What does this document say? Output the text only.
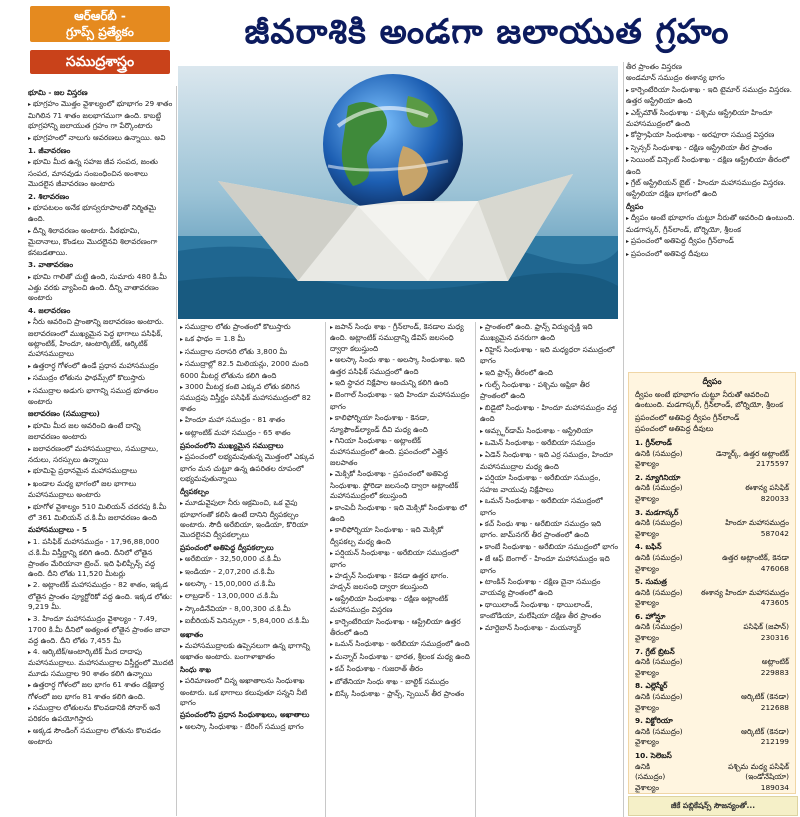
ఆర్‌ఆర్‌బీ -
గ్రూప్స్ ప్రత్యేకం
సముద్రశాస్త్రం
జీవరాశికి అండగా జలాయుత గ్రహం

భూమి - జల విస్తరణ

▸ భూగ్రహం మొత్తం వైశాల్యంలో భూభాగం 29 శాతం మిగిలిన 71 శాతం జలభాగముగా ఉంది. కాబట్టి భూగ్రహాన్ని జలాయుత గ్రహం గా పేర్కొంటారు

▸ భూగ్రహంలో నాలుగు ఆవరణలు ఉన్నాయి. అవి

1. జీవావరణం

▸ భూమి మీద ఉన్న సహజ జీవ సంపద, జంతు సంపద, మానవుడు సంబంధించిన అంశాలు మొదలైన జీవావరణం అంటారు

2. శిలావరణం

▸ భూపటలం అనేక భూస్వరూపాలతో నిర్మితమై ఉంది.

▸ దీన్ని శిలావరణం అంటారు. పీఠభూమి, మైదానాలు, కొండలు మొదలైనవి శిలావరణంగా కనబడతాయి.

3. వాతావరణం

▸ భూమి గాలితో చుట్టి ఉంది, సుమారు 480 కి.మీ ఎత్తు వరకు వ్యాపించి ఉంది. దీన్ని వాతావరణం అంటారు

4. జలావరణం

▸ నీరు ఆవరించి ప్రాంతాన్ని జలావరణం అంటారు. జలావరణంలో ముఖ్యమైన పెద్ద భాగాలు పసిఫిక్, అట్లాంటిక్, హిందూ, ఆంటార్కిటిక్, ఆర్కిటిక్ మహాసముద్రాలు

▸ ఉత్తరార్ధ గోళంలో ఉండే ప్రధాన మహాసముద్రం

▸ సముద్రం లోతును ఫాథమ్స్‌లో కొలుస్తారు

▸ సముద్రాల అడుగు భాగాన్ని సముద్ర భూతలం అంటారు

జలావరణం (సముద్రాలు)

▸ భూమి మీద జల ఆవరించి ఉంటే దాన్ని జలావరణం అంటారు

▸ జలావరణంలో మహాసముద్రాలు, సముద్రాలు, నదులు, సరస్సులు ఉన్నాయి

▸ భూమిపై ప్రధానమైన మహాసముద్రాలు

▸ ఖండాల మధ్య భాగంలో జల భాగాలు మహాసముద్రాలు అంటారు

▸ భూగోళ వైశాల్యం 510 మిలియన్ చదరపు కి.మీ లో 361 మిలియన్ చ.కి.మీ జలావరణం ఉంది

మహాసముద్రాలు - 5

▸ 1. పసిఫిక్ మహాసముద్రం - 17,96,88,000 చ.కి.మీ విస్తీర్ణాన్ని కలిగి ఉంది. దీనిలో లోతైన ప్రాంతం మేరియానా ట్రెంచ్. ఇది ఫిలిప్పీన్స్ వద్ద ఉంది. దీని లోతు 11,520 మీటర్లు

▸ 2. అట్లాంటిక్ మహాసముద్రం - 82 శాతం, ఇక్కడ లోతైన ప్రాంతం ప్యూర్టోరికో వద్ద ఉంది. ఇక్కడ లోతు: 9,219 మీ.

▸ 3. హిందూ మహాసముద్రం వైశాల్యం - 7.49, 1700 కి.మీ దీనిలో అత్యంత లోతైన ప్రాంతం జావా వద్ద ఉంది. దీని లోతు 7,455 మీ

▸ 4. ఆర్కిటిక్/అంటార్కిటిక్ మీద దాదాపు మహాసముద్రాలు. మహాసముద్రాల విస్తీర్ణంలో మొదటి మూడు సముద్రాల 90 శాతం కలిగి ఉన్నాయి

▸ ఉత్తరార్ధ గోళంలో జల భాగం 61 శాతం దక్షిణార్ధ గోళంలో జల భాగం 81 శాతం కలిగి ఉంది.

▸ సముద్రాల లోతులను కొలవడానికి సోనార్ అనే పరికరం ఉపయోగిస్తారు

▸ అక్కడ సౌండింగ్ సముద్రాల లోతును కొలవడం అంటారు

▸ సముద్రాల లోతు ప్రాంతంలో కొలుస్తారు

▸ ఒక ఫాథం = 1.8 మీ

▸ సముద్రాల సరాసరి లోతు 3,800 మీ

▸ సముద్రాల్లో 82.5 మిలియన్లు, 2000 మంది 6000 మీటర్ల లోతును కలిగి ఉంది

▸ 3000 మీటర్ల కంటె ఎక్కువ లోతు కలిగిన సముద్రపు విస్తీర్ణం పసిఫిక్ మహాసముద్రంలో 82 శాతం

▸ హిందూ మహా సముద్రం - 81 శాతం

▸ అట్లాంటిక్ మహా సముద్రం - 65 శాతం

ప్రపంచంలోని ముఖ్యమైన సముద్రాలు

▸ ప్రపంచంలో లభ్యమవుతున్న మొత్తంలో ఎక్కువ భాగం మన చుట్టూ ఉన్న ఉపరితల రూపంలో లభ్యమవుతున్నాయి

ద్వీపకల్పం

▸ మూడువైపులా నీరు ఆక్రమించి, ఒక వైపు భూభాగంతో కలిసి ఉంటే దానిని ద్వీపకల్పం అంటారు. సౌదీ అరేబియా, ఇండియా, కొరియా మొదలైనవి ద్వీపకల్పాలు

ప్రపంచంలో అతిపెద్ద ద్వీపకల్పాలు

▸ అరేబియా - 32,50,000 చ.కి.మీ

▸ ఇండియా - 2,07,200 చ.కి.మీ

▸ అలస్కా - 15,00,000 చ.కి.మీ

▸ లాబ్రడార్ - 13,00,000 చ.కి.మీ

▸ స్కాండినేవియా - 8,00,300 చ.కి.మీ

▸ ఐబీరియన్ పెనిన్సులా - 5,84,000 చ.కి.మీ

అఖాతం

▸ మహాసముద్రాలకు ఉప్పెనలుగా ఉన్న భాగాన్ని అఖాతం అంటారు. బంగాళాఖాతం

సింధు శాఖ

▸ పరిమాణంలో చిన్న అఖాతాలను సింధుశాఖ అంటారు. ఒక భాగాలు కలుపుతూ సన్నని నీటి భాగం

ప్రపంచంలోని ప్రధాన సింధుశాఖలు, అఖాతాలు

▸ అలస్కా సింధుశాఖ - బేరింగ్ సముద్ర భాగం

▸ జపాన్ సింధు శాఖ - గ్రీన్‌లాండ్, కెనడాల మధ్య ఉంది. అట్లాంటిక్ సముద్రాన్ని డేవిస్ జలసంధి ద్వారా కలుస్తుంది

▸ అలస్కా సింధు శాఖ - అలస్కా సింధుశాఖ. ఇది ఉత్తర పసిఫిక్ సముద్రంలో ఉంది

▸ ఇది స్థావర నిక్షేపాల అంచున్ని కలిగి ఉంది

▸ బెంగాల్ సింధుశాఖ - ఇది హిందూ మహాసముద్రం భాగం

▸ కాలిఫోర్నియా సింధుశాఖ - కెనడా, న్యూఫౌండ్‌ల్యాండ్ దీవి మధ్య ఉంది

▸ గినియా సింధుశాఖ - అట్లాంటిక్ మహాసముద్రంలో ఉంది. ప్రపంచంలో ఎత్తైన జలపాతం

▸ మెక్సికో సింధుశాఖ - ప్రపంచంలో అతిపెద్ద సింధుశాఖ. ఫ్లోరిడా జలసంధి ద్వారా అట్లాంటిక్ మహాసముద్రంలో కలుస్తుంది

▸ కాంపెచీ సింధుశాఖ - ఇది మెక్సికో సింధుశాఖ లో ఉంది

▸ కాలిఫోర్నియా సింధుశాఖ - ఇది మెక్సికో ద్వీపకల్ప మధ్య ఉంది

▸ పర్షియన్ సింధుశాఖ - అరేబియా సముద్రంలో భాగం

▸ హడ్సన్ సింధుశాఖ - కెనడా ఉత్తర భాగం. హడ్సన్ జలసంధి ద్వారా కలుస్తుంది

▸ ఆస్ట్రేలియా సింధుశాఖ - దక్షిణ అట్లాంటిక్ మహాసముద్రం విస్తరణ

▸ కార్పెంటేరియా సింధుశాఖ - ఆస్ట్రేలియా ఉత్తర తీరంలో ఉంది

▸ ఒమన్ సింధుశాఖ - అరేబియా సముద్రంలో ఉంది

▸ మన్నార్ సింధుశాఖ - భారత, శ్రీలంక మధ్య ఉంది

▸ కచ్ సింధుశాఖ - గుజరాత్ తీరం

▸ బోతేనియా సింధు శాఖ - బాల్టిక్ సముద్రం

▸ బిస్కే సింధుశాఖ - ఫ్రాన్స్, స్పెయిన్ తీర ప్రాంతం

▸ ప్రాంతంలో ఉంది. ఫ్రాన్స్ విద్యుచ్ఛక్తి ఇది ముఖ్యమైన వనరుగా ఉంది

▸ రిహైస్ సింధుశాఖ - ఇది మధ్యధరా సముద్రంలో భాగం

▸ ఇది ఫ్రాన్స్ తీరంలో ఉంది

▸ గుల్ఫ్ సింధుశాఖ - పశ్చిమ ఆఫ్రికా తీర ప్రాంతంలో ఉంది

▸ బిడైటో సింధుశాఖ - హిందూ మహాసముద్రం వద్ద ఉంది

▸ ఆమ్స్టర్‌డామ్ సింధుశాఖ - ఆస్ట్రేలియా

▸ ఒమెన్ సింధుశాఖ - అరేబియా సముద్రం

▸ ఏడెన్ సింధుశాఖ - ఇది ఎర్ర సముద్రం, హిందూ మహాసముద్రాల మధ్య ఉంది

▸ పర్షియా సింధుశాఖ - అరేబియా సముద్రం, సహజ వాయువు నిక్షేపాలు

▸ ఒమన్ సింధుశాఖ - అరేబియా సముద్రంలో భాగం

▸ కచ్ సింధు శాఖ - అరేబియా సముద్రం ఇది భాగం. జామ్‌నగర్ తీర ప్రాంతంలో ఉంది

▸ కాంబే సింధుశాఖ - అరేబియా సముద్రంలో భాగం

▸ జే ఆఫ్ బెంగాల్ - హిందూ మహాసముద్రం ఇది భాగం

▸ టాంకిన్ సింధుశాఖ - దక్షిణ చైనా సముద్రం వాయవ్య ప్రాంతంలో ఉంది

▸ థాయిలాండ్ సింధుశాఖ - థాయిలాండ్, కాంబోడియా, మలేషియా దక్షిణ తీర ప్రాంతం

▸ మార్టెబాన్ సింధుశాఖ - మయన్మార్

తీర ప్రాంతం విస్తరణ

అండమాన్ సముద్రం ఈశాన్య భాగం

▸ కార్పెంటేరియా సింధుశాఖ - ఇది టైమార్ సముద్రం విస్తరణ. ఉత్తర ఆస్ట్రేలియా ఉంది

▸ ఎక్స్‌మౌత్ సింధుశాఖ - పశ్చిమ ఆస్ట్రేలియా హిందూ మహాసముద్రంలో ఉంది

▸ కోస్ట్రాఫియా సింధుశాఖ - అరఫూరా సముద్ర విస్తరణ

▸ స్పెన్సర్ సింధుశాఖ - దక్షిణ ఆస్ట్రేలియా తీర ప్రాంతం

▸ సెయింట్ విన్సెంట్ సింధుశాఖ - దక్షిణ ఆస్ట్రేలియా తీరంలో ఉంది

▸ గ్రేట్ ఆస్ట్రేలియన్ బైట్ - హిందూ మహాసముద్రం విస్తరణ. ఆస్ట్రేలియా దక్షిణ భాగంలో ఉంది

ద్వీపం

▸ ద్వీపం అంటే భూభాగం చుట్టూ నీరుతో ఆవరించి ఉంటుంది. మడగాస్కర్, గ్రీన్‌లాండ్, బోర్నియో, శ్రీలంక

▸ ప్రపంచంలో అతిపెద్ద ద్వీపం గ్రీన్‌లాండ్

▸ ప్రపంచంలో అతిపెద్ద దీవులు

ద్వీపం

ద్వీపం అంటే భూభాగం చుట్టూ నీరుతో ఆవరించి ఉంటుంది. మడగాస్కర్, గ్రీన్‌లాండ్, బోర్నియో, శ్రీలంక

ప్రపంచంలో అతిపెద్ద ద్వీపం గ్రీన్‌లాండ్

ప్రపంచంలో అతిపెద్ద దీవులు

1. గ్రీన్‌లాండ్
ఉనికి (సముద్రం)	డెన్మార్క్, ఉత్తర అట్లాంటిక్
వైశాల్యం	2175597
2. న్యూగినియా
ఉనికి (సముద్రం)	ఈశాన్య పసిఫిక్
వైశాల్యం	820033
3. మడగాస్కర్
ఉనికి (సముద్రం)	హిందూ మహాసముద్రం
వైశాల్యం	587042
4. బఫిన్
ఉనికి (సముద్రం)	ఉత్తర అట్లాంటిక్, కెనడా
వైశాల్యం	476068
5. సుమత్ర
ఉనికి (సముద్రం) ఈశాన్య హిందూ మహాసముద్రం
వైశాల్యం	473605
6. హోన్షూ
ఉనికి (సముద్రం)	పసిఫిక్ (జపాన్)
వైశాల్యం	230316
7. గ్రేట్ బ్రిటన్
ఉనికి (సముద్రం)	అట్లాంటిక్
వైశాల్యం	229883
8. ఎల్లెస్మేర్
ఉనికి (సముద్రం)	ఆర్కిటిక్ (కెనడా)
వైశాల్యం	212688
9. విక్టోరియా
ఉనికి (సముద్రం)	ఆర్కిటిక్ (కెనడా)
వైశాల్యం	212199
10. సెలెబస్
ఉనికి (సముద్రం)
పశ్చిమ మధ్య పసిఫిక్ (ఇండోనేషియా)
వైశాల్యం	189034
జీకే పబ్లికేషన్స్ సౌజన్యంతో...
